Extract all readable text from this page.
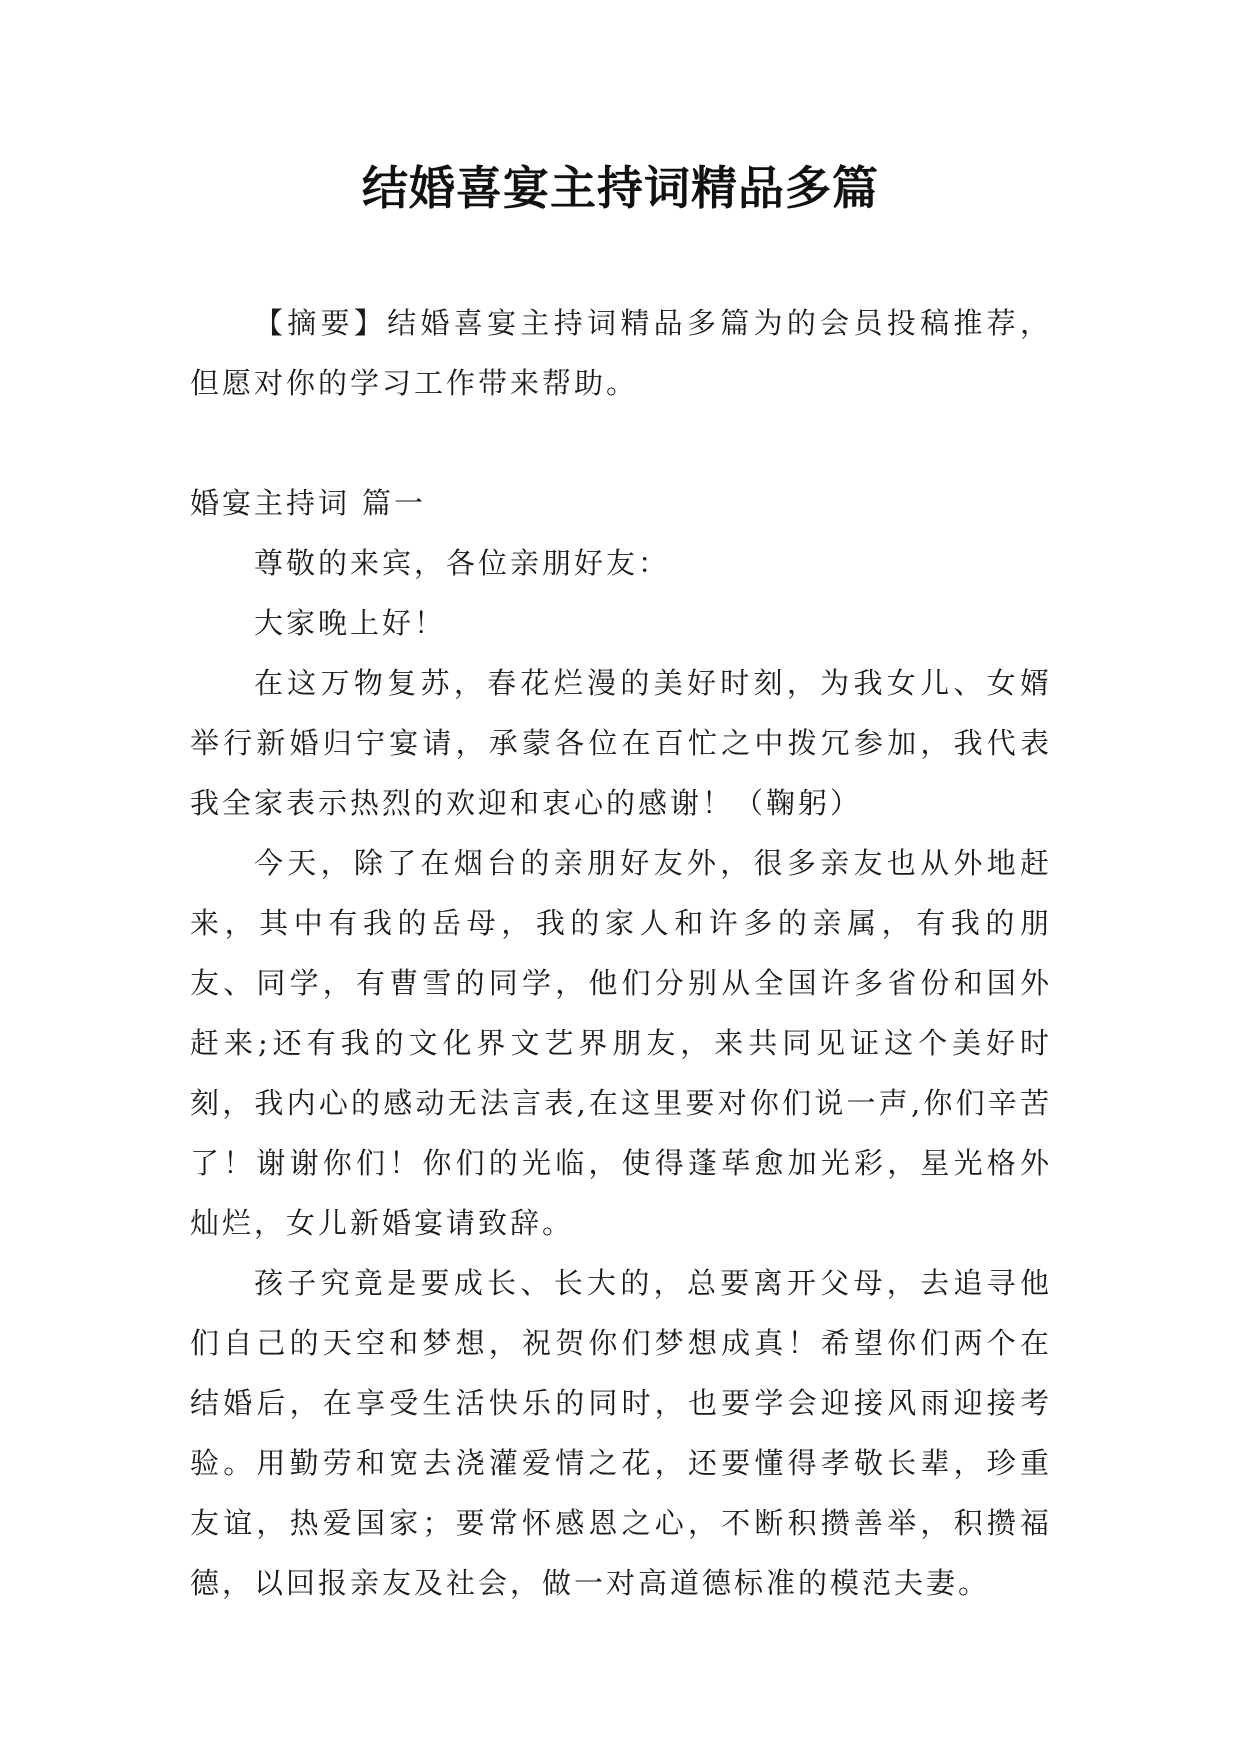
结婚喜宴主持词精品多篇

【摘要】结婚喜宴主持词精品多篇为的会员投稿推荐，但愿对你的学习工作带来帮助。

婚宴主持词 篇一

尊敬的来宾，各位亲朋好友：

大家晚上好！

在这万物复苏，春花烂漫的美好时刻，为我女儿、女婿举行新婚归宁宴请，承蒙各位在百忙之中拨冗参加，我代表我全家表示热烈的欢迎和衷心的感谢！（鞠躬）

今天，除了在烟台的亲朋好友外，很多亲友也从外地赶来，其中有我的岳母，我的家人和许多的亲属，有我的朋友、同学，有曹雪的同学，他们分别从全国许多省份和国外赶来;还有我的文化界文艺界朋友，来共同见证这个美好时刻，我内心的感动无法言表,在这里要对你们说一声,你们辛苦了！谢谢你们！你们的光临，使得蓬荜愈加光彩，星光格外灿烂，女儿新婚宴请致辞。

孩子究竟是要成长、长大的，总要离开父母，去追寻他们自己的天空和梦想，祝贺你们梦想成真！希望你们两个在结婚后，在享受生活快乐的同时，也要学会迎接风雨迎接考验。用勤劳和宽去浇灌爱情之花，还要懂得孝敬长辈，珍重友谊，热爱国家；要常怀感恩之心，不断积攒善举，积攒福德，以回报亲友及社会，做一对高道德标准的模范夫妻。
